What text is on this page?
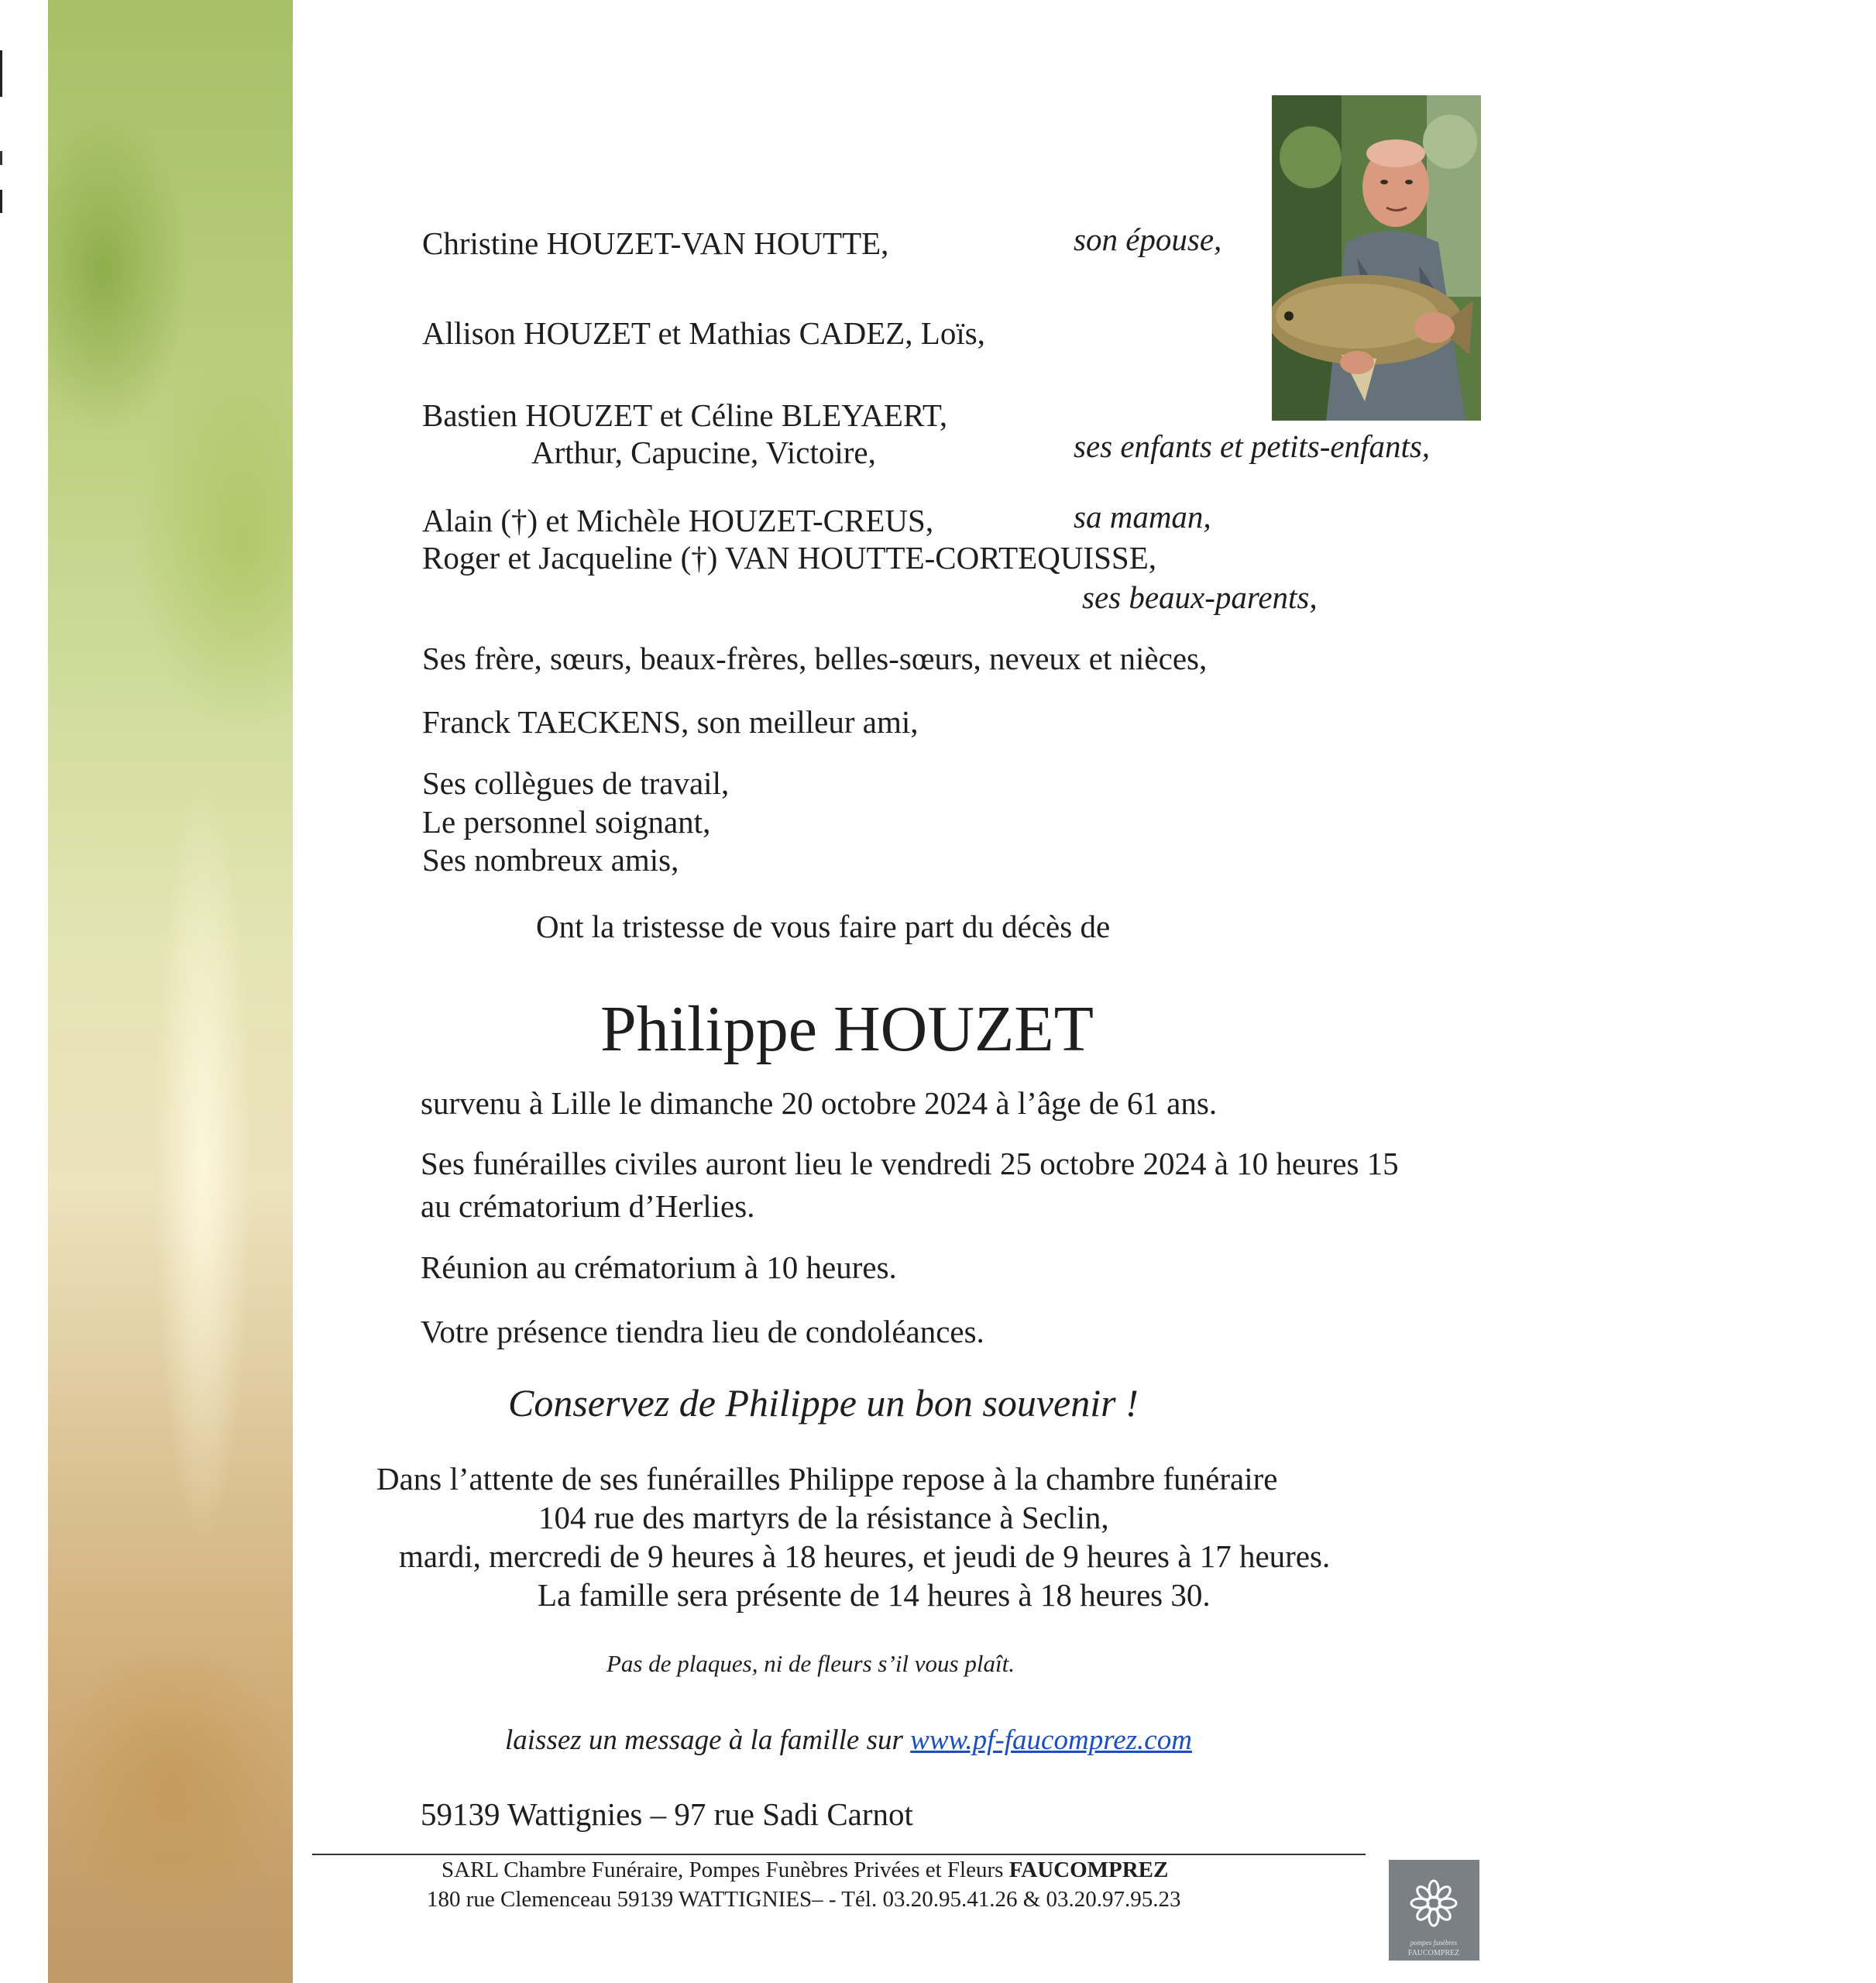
Christine HOUZET-VAN HOUTTE,	son épouse,
Allison HOUZET et Mathias CADEZ, Loïs,
Bastien HOUZET et Céline BLEYAERT,
Arthur, Capucine, Victoire,	ses enfants et petits-enfants,
Alain (†) et Michèle HOUZET-CREUS,	sa maman,
Roger et Jacqueline (†) VAN HOUTTE-CORTEQUISSE,
ses beaux-parents,
Ses frère, sœurs, beaux-frères, belles-sœurs, neveux et nièces,
Franck TAECKENS, son meilleur ami,
Ses collègues de travail,
Le personnel soignant,
Ses nombreux amis,
Ont la tristesse de vous faire part du décès de
Philippe HOUZET
survenu à Lille le dimanche 20 octobre 2024 à l’âge de 61 ans.
Ses funérailles civiles auront lieu le vendredi 25 octobre 2024 à 10 heures 15
au crématorium d’Herlies.
Réunion au crématorium à 10 heures.
Votre présence tiendra lieu de condoléances.
Conservez de Philippe un bon souvenir !
Dans l’attente de ses funérailles Philippe repose à la chambre funéraire
104 rue des martyrs de la résistance à Seclin,
mardi, mercredi de 9 heures à 18 heures, et jeudi de 9 heures à 17 heures.
La famille sera présente de 14 heures à 18 heures 30.
Pas de plaques, ni de fleurs s’il vous plaît.
laissez un message à la famille sur www.pf-faucomprez.com
59139 Wattignies – 97 rue Sadi Carnot
SARL Chambre Funéraire, Pompes Funèbres Privées et Fleurs FAUCOMPREZ
180 rue Clemenceau 59139 WATTIGNIES– - Tél. 03.20.95.41.26 & 03.20.97.95.23
pompes funèbres
FAUCOMPREZ
